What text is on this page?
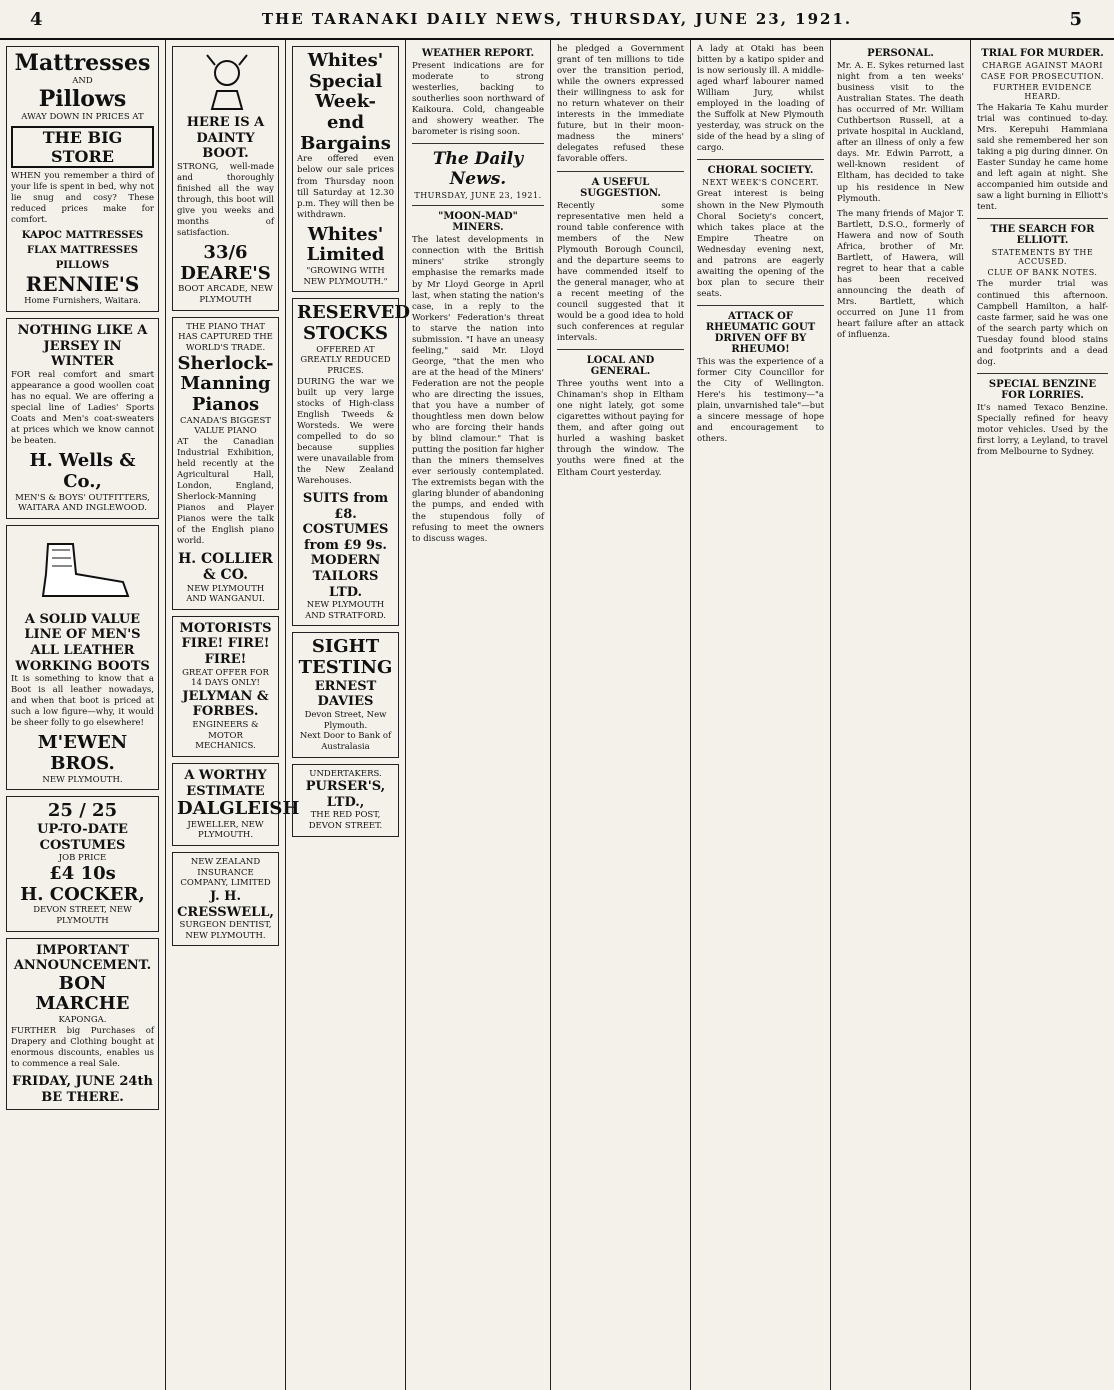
4	THE TARANAKI DAILY NEWS, THURSDAY, JUNE 23, 1921.	5
Mattresses
AND
Pillows
AWAY DOWN IN PRICES AT
THE BIG STORE
WHEN you remember a third of your life is spent in bed, why not lie snug and cosy? These reduced prices make for comfort.
KAPOC MATTRESSES
FLAX MATTRESSES
PILLOWS
RENNIE'S
Home Furnishers, Waitara.
NOTHING LIKE A JERSEY IN WINTER
FOR real comfort and smart appearance a good woollen coat has no equal. We are offering a special line of Ladies' Sports Coats and Men's coat-sweaters at prices which we know cannot be beaten.
H. Wells & Co.,
MEN'S & BOYS' OUTFITTERS, WAITARA AND INGLEWOOD.
A SOLID VALUE LINE OF MEN'S ALL LEATHER WORKING BOOTS
It is something to know that a Boot is all leather nowadays, and when that boot is priced at such a low figure—why, it would be sheer folly to go elsewhere!
M'EWEN BROS.
NEW PLYMOUTH.
25 / 25
UP-TO-DATE COSTUMES
JOB PRICE
£4 10s
H. COCKER,
DEVON STREET, NEW PLYMOUTH
IMPORTANT ANNOUNCEMENT.
BON MARCHE
KAPONGA.
FURTHER big Purchases of Drapery and Clothing bought at enormous discounts, enables us to commence a real Sale.
FRIDAY, JUNE 24th
BE THERE.
HERE IS A DAINTY BOOT.
STRONG, well-made and thoroughly finished all the way through, this boot will give you weeks and months of satisfaction.
33/6
DEARE'S
BOOT ARCADE, NEW PLYMOUTH
THE PIANO THAT HAS CAPTURED THE WORLD'S TRADE.
Sherlock-Manning Pianos
CANADA'S BIGGEST VALUE PIANO
AT the Canadian Industrial Exhibition, held recently at the Agricultural Hall, London, England, Sherlock-Manning Pianos and Player Pianos were the talk of the English piano world.
H. COLLIER & CO.
NEW PLYMOUTH AND WANGANUI.
MOTORISTS
FIRE! FIRE! FIRE!
GREAT OFFER FOR 14 DAYS ONLY!
JELYMAN & FORBES.
ENGINEERS & MOTOR MECHANICS.
A WORTHY ESTIMATE
DALGLEISH
JEWELLER, NEW PLYMOUTH.
NEW ZEALAND INSURANCE COMPANY, LIMITED
J. H. CRESSWELL,
SURGEON DENTIST, NEW PLYMOUTH.
Whites' Special Week-end Bargains
Are offered even below our sale prices from Thursday noon till Saturday at 12.30 p.m. They will then be withdrawn.
Whites' Limited
"GROWING WITH NEW PLYMOUTH."
RESERVED STOCKS
OFFERED AT GREATLY REDUCED PRICES.
DURING the war we built up very large stocks of High-class English Tweeds & Worsteds. We were compelled to do so because supplies were unavailable from the New Zealand Warehouses.
SUITS from £8. COSTUMES from £9 9s.
MODERN TAILORS LTD.
NEW PLYMOUTH AND STRATFORD.
SIGHT TESTING
ERNEST DAVIES
Devon Street, New Plymouth.
Next Door to Bank of Australasia
UNDERTAKERS.
PURSER'S, LTD.,
THE RED POST, DEVON STREET.
WEATHER REPORT.

Present indications are for moderate to strong westerlies, backing to southerlies soon northward of Kaikoura. Cold, changeable and showery weather. The barometer is rising soon.

The Daily News.
THURSDAY, JUNE 23, 1921.
"MOON-MAD" MINERS.

The latest developments in connection with the British miners' strike strongly emphasise the remarks made by Mr Lloyd George in April last, when stating the nation's case, in a reply to the Workers' Federation's threat to starve the nation into submission. "I have an uneasy feeling," said Mr. Lloyd George, "that the men who are at the head of the Miners' Federation are not the people who are directing the issues, that you have a number of thoughtless men down below who are forcing their hands by blind clamour." That is putting the position far higher than the miners themselves ever seriously contemplated. The extremists began with the glaring blunder of abandoning the pumps, and ended with the stupendous folly of refusing to meet the owners to discuss wages.

he pledged a Government grant of ten millions to tide over the transition period, while the owners expressed their willingness to ask for no return whatever on their interests in the immediate future, but in their moon-madness the miners' delegates refused these favorable offers.

A USEFUL SUGGESTION.

Recently some representative men held a round table conference with members of the New Plymouth Borough Council, and the departure seems to have commended itself to the general manager, who at a recent meeting of the council suggested that it would be a good idea to hold such conferences at regular intervals.

LOCAL AND GENERAL.

Three youths went into a Chinaman's shop in Eltham one night lately, got some cigarettes without paying for them, and after going out hurled a washing basket through the window. The youths were fined at the Eltham Court yesterday.

A lady at Otaki has been bitten by a katipo spider and is now seriously ill. A middle-aged wharf labourer named William Jury, whilst employed in the loading of the Suffolk at New Plymouth yesterday, was struck on the side of the head by a sling of cargo.

CHORAL SOCIETY.
NEXT WEEK'S CONCERT.

Great interest is being shown in the New Plymouth Choral Society's concert, which takes place at the Empire Theatre on Wednesday evening next, and patrons are eagerly awaiting the opening of the box plan to secure their seats.

ATTACK OF RHEUMATIC GOUT DRIVEN OFF BY RHEUMO!

This was the experience of a former City Councillor for the City of Wellington. Here's his testimony—"a plain, unvarnished tale"—but a sincere message of hope and encouragement to others.

PERSONAL.

Mr. A. E. Sykes returned last night from a ten weeks' business visit to the Australian States. The death has occurred of Mr. William Cuthbertson Russell, at a private hospital in Auckland, after an illness of only a few days. Mr. Edwin Parrott, a well-known resident of Eltham, has decided to take up his residence in New Plymouth.

The many friends of Major T. Bartlett, D.S.O., formerly of Hawera and now of South Africa, brother of Mr. Bartlett, of Hawera, will regret to hear that a cable has been received announcing the death of Mrs. Bartlett, which occurred on June 11 from heart failure after an attack of influenza.

TRIAL FOR MURDER.
CHARGE AGAINST MAORI
CASE FOR PROSECUTION.
FURTHER EVIDENCE HEARD.

The Hakaria Te Kahu murder trial was continued to-day. Mrs. Kerepuhi Hammiana said she remembered her son taking a pig during dinner. On Easter Sunday he came home and left again at night. She accompanied him outside and saw a light burning in Elliott's tent.

THE SEARCH FOR ELLIOTT.
STATEMENTS BY THE ACCUSED.
CLUE OF BANK NOTES.

The murder trial was continued this afternoon. Campbell Hamilton, a half-caste farmer, said he was one of the search party which on Tuesday found blood stains and footprints and a dead dog.

SPECIAL BENZINE FOR LORRIES.

It's named Texaco Benzine. Specially refined for heavy motor vehicles. Used by the first lorry, a Leyland, to travel from Melbourne to Sydney.
